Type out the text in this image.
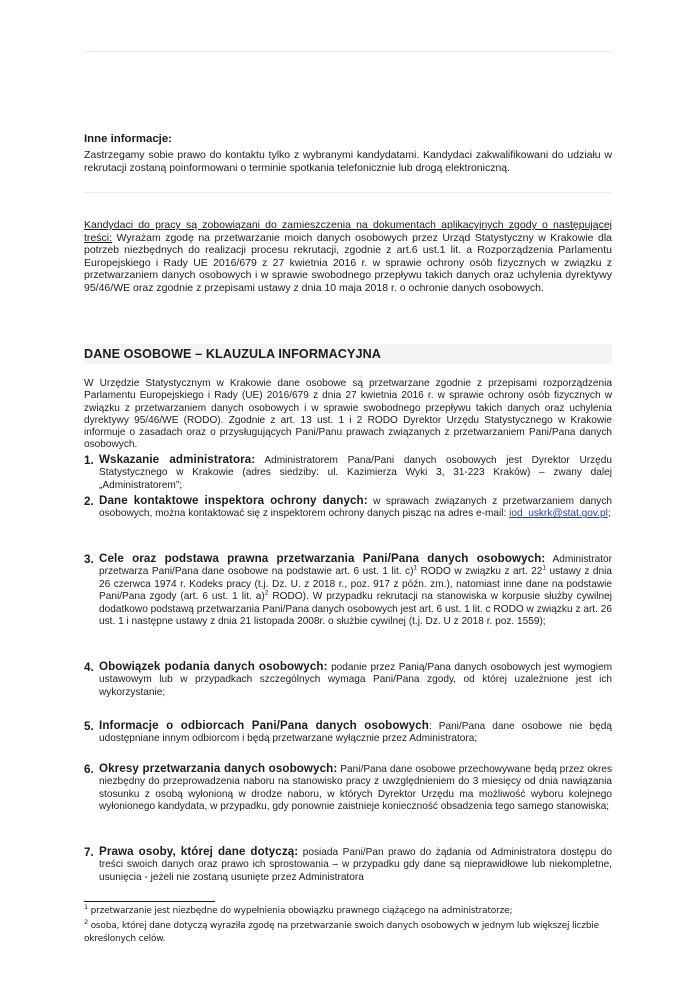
Inne informacje:
Zastrzegamy sobie prawo do kontaktu tylko z wybranymi kandydatami. Kandydaci zakwalifikowani do udziału w rekrutacji zostaną poinformowani o terminie spotkania telefonicznie lub drogą elektroniczną.
Kandydaci do pracy są zobowiązani do zamieszczenia na dokumentach aplikacyjnych zgody o następującej treści: Wyrażam zgodę na przetwarzanie moich danych osobowych przez Urząd Statystyczny w Krakowie dla potrzeb niezbędnych do realizacji procesu rekrutacji, zgodnie z art.6 ust.1 lit. a Rozporządzenia Parlamentu Europejskiego i Rady UE 2016/679 z 27 kwietnia 2016 r. w sprawie ochrony osób fizycznych w związku z przetwarzaniem danych osobowych i w sprawie swobodnego przepływu takich danych oraz uchylenia dyrektywy 95/46/WE oraz zgodnie z przepisami ustawy z dnia 10 maja 2018 r. o ochronie danych osobowych.
DANE OSOBOWE – KLAUZULA INFORMACYJNA
W Urzędzie Statystycznym w Krakowie dane osobowe są przetwarzane zgodnie z przepisami rozporządzenia Parlamentu Europejskiego i Rady (UE) 2016/679 z dnia 27 kwietnia 2016 r. w sprawie ochrony osób fizycznych w związku z przetwarzaniem danych osobowych i w sprawie swobodnego przepływu takich danych oraz uchylenia dyrektywy 95/46/WE (RODO). Zgodnie z art. 13 ust. 1 i 2 RODO Dyrektor Urzędu Statystycznego w Krakowie informuje o zasadach oraz o przysługujących Pani/Panu prawach związanych z przetwarzaniem Pani/Pana danych osobowych.
1. Wskazanie administratora: Administratorem Pana/Pani danych osobowych jest Dyrektor Urzędu Statystycznego w Krakowie (adres siedziby: ul. Kazimierza Wyki 3, 31-223 Kraków) – zwany dalej „Administratorem”;
2. Dane kontaktowe inspektora ochrony danych: w sprawach związanych z przetwarzaniem danych osobowych, można kontaktować się z inspektorem ochrony danych pisząc na adres e-mail: iod_uskrk@stat.gov.pl;
3. Cele oraz podstawa prawna przetwarzania Pani/Pana danych osobowych: Administrator przetwarza Pani/Pana dane osobowe na podstawie art. 6 ust. 1 lit. c)$^1$ RODO w związku z art. $22^1$ ustawy z dnia 26 czerwca 1974 r. Kodeks pracy (t.j. Dz. U. z 2018 r., poz. 917 z późn. zm.), natomiast inne dane na podstawie Pani/Pana zgody (art. 6 ust. 1 lit. a)$^2$ RODO). W przypadku rekrutacji na stanowiska w korpusie służby cywilnej dodatkowo podstawą przetwarzania Pani/Pana danych osobowych jest art. 6 ust. 1 lit. c RODO w związku z art. 26 ust. 1 i następne ustawy z dnia 21 listopada 2008r. o służbie cywilnej (t.j. Dz. U z 2018 r. poz. 1559);
4. Obowiązek podania danych osobowych: podanie przez Panią/Pana danych osobowych jest wymogiem ustawowym lub w przypadkach szczególnych wymaga Pani/Pana zgody, od której uzależnione jest ich wykorzystanie;
5. Informacje o odbiorcach Pani/Pana danych osobowych: Pani/Pana dane osobowe nie będą udostępniane innym odbiorcom i będą przetwarzane wyłącznie przez Administratora;
6. Okresy przetwarzania danych osobowych: Pani/Pana dane osobowe przechowywane będą przez okres niezbędny do przeprowadzenia naboru na stanowisko pracy z uwzględnieniem do 3 miesięcy od dnia nawiązania stosunku z osobą wyłonioną w drodze naboru, w których Dyrektor Urzędu ma możliwość wyboru kolejnego wyłonionego kandydata, w przypadku, gdy ponownie zaistnieje konieczność obsadzenia tego samego stanowiska;
7. Prawa osoby, której dane dotyczą: posiada Pani/Pan prawo do żądania od Administratora dostępu do treści swoich danych oraz prawo ich sprostowania – w przypadku gdy dane są nieprawidłowe lub niekompletne, usunięcia - jeżeli nie zostaną usunięte przez Administratora
$^1$ przetwarzanie jest niezbędne do wypełnienia obowiązku prawnego ciążącego na administratorze;
$^2$ osoba, której dane dotyczą wyraziła zgodę na przetwarzanie swoich danych osobowych w jednym lub większej liczbie określonych celów.
